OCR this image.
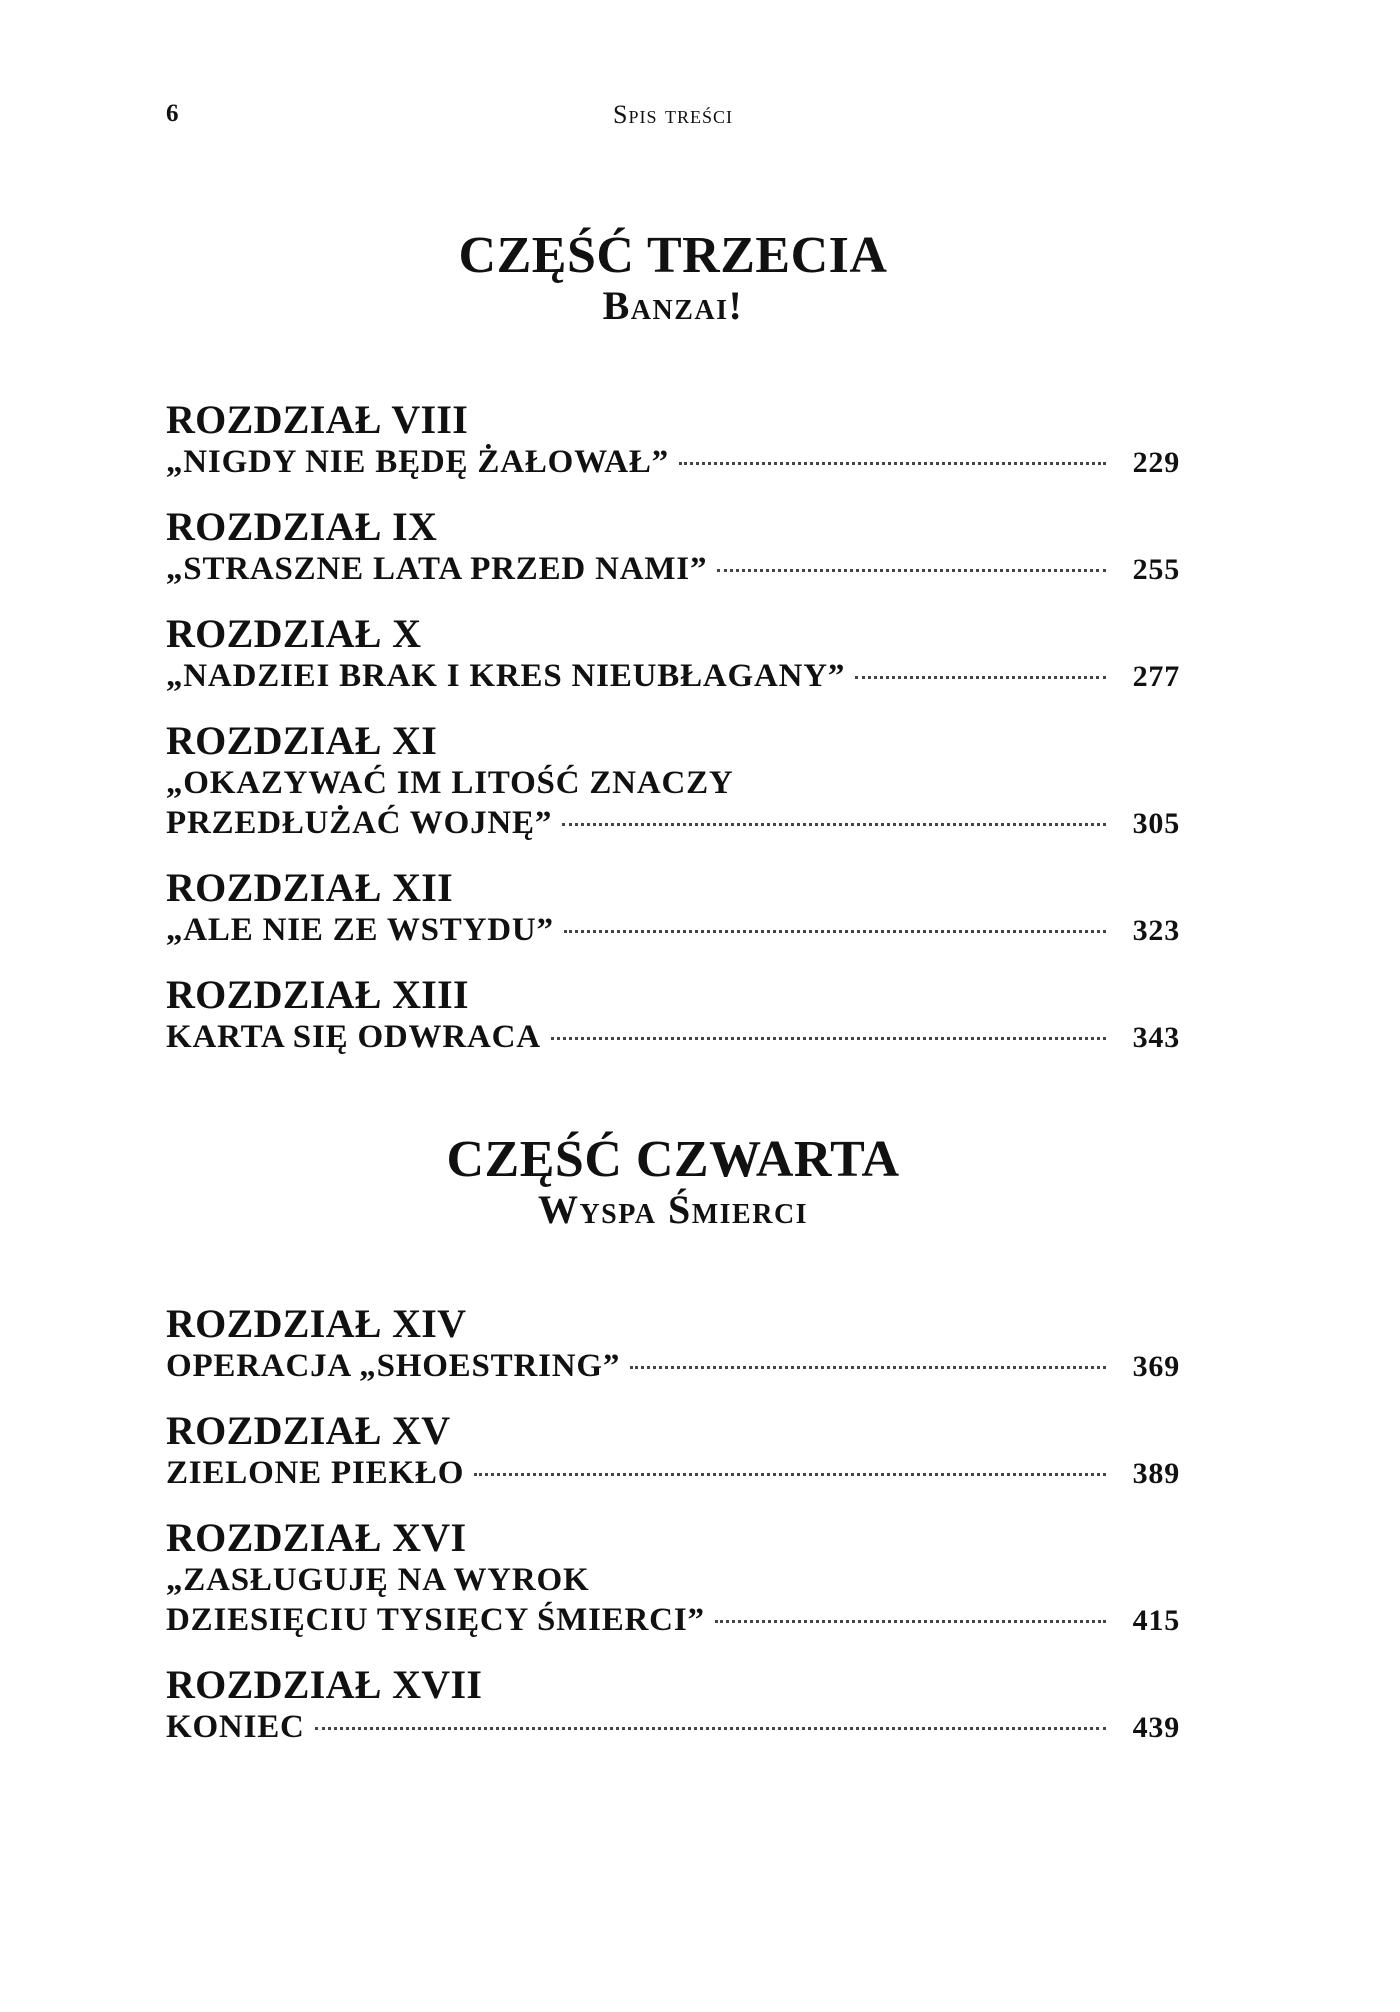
6	Spis treści
CZĘŚĆ TRZECIA
Banzai!
ROZDZIAŁ VIII
„NIGDY NIE BĘDĘ ŻAŁOWAŁ”	229
ROZDZIAŁ IX
„STRASZNE LATA PRZED NAMI”	255
ROZDZIAŁ X
„NADZIEI BRAK I KRES NIEUBŁAGANY”	277
ROZDZIAŁ XI
„OKAZYWAĆ IM LITOŚĆ ZNACZY
PRZEDŁUŻAĆ WOJNĘ”	305
ROZDZIAŁ XII
„ALE NIE ZE WSTYDU”	323
ROZDZIAŁ XIII
KARTA SIĘ ODWRACA	343
CZĘŚĆ CZWARTA
Wyspa Śmierci
ROZDZIAŁ XIV
OPERACJA „SHOESTRING”	369
ROZDZIAŁ XV
ZIELONE PIEKŁO	389
ROZDZIAŁ XVI
„ZASŁUGUJĘ NA WYROK
DZIESIĘCIU TYSIĘCY ŚMIERCI”	415
ROZDZIAŁ XVII
KONIEC	439
